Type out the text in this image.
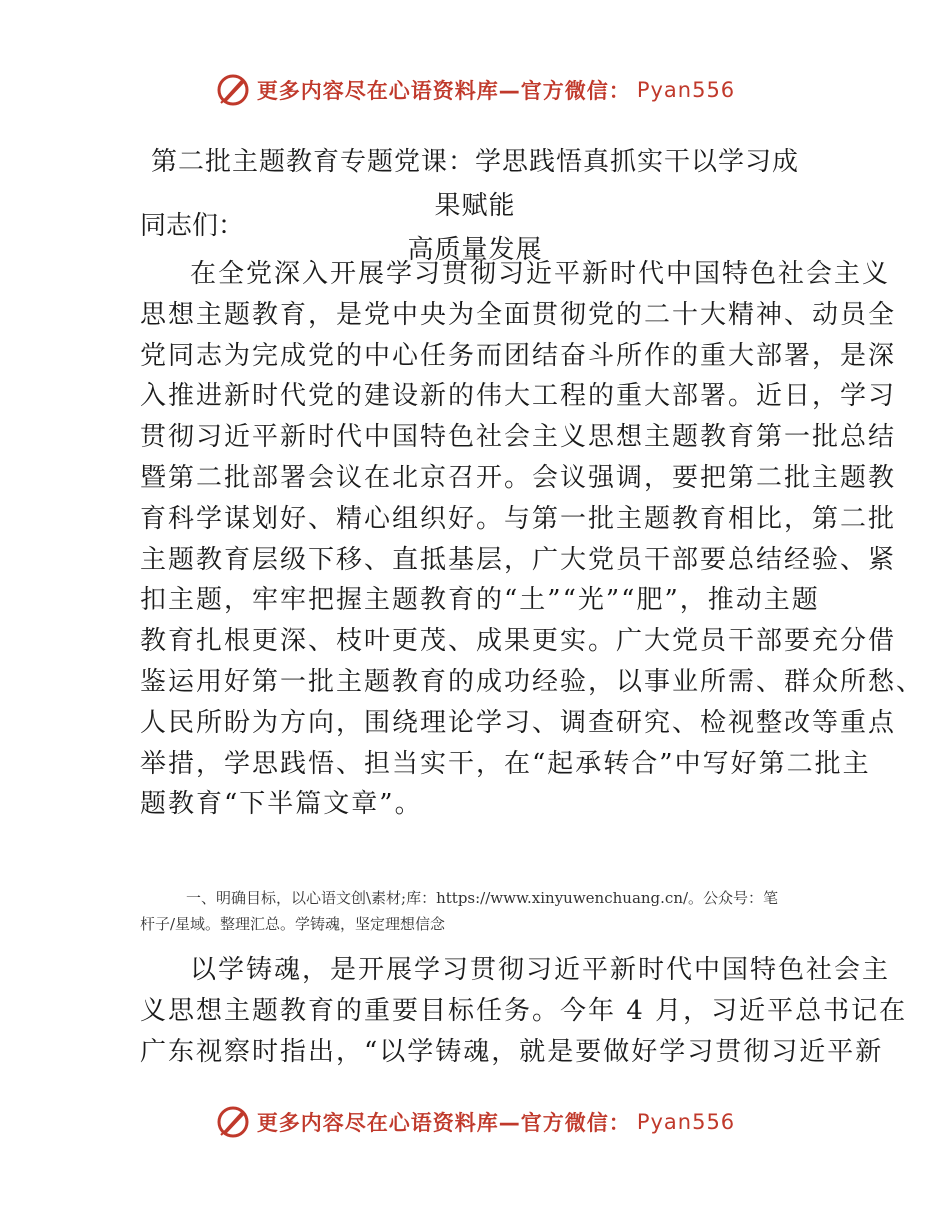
更多内容尽在心语资料库—官方微信： Pyan556
第二批主题教育专题党课：学思践悟真抓实干以学习成果赋能
高质量发展
同志们：
在全党深入开展学习贯彻习近平新时代中国特色社会主义
思想主题教育，是党中央为全面贯彻党的二十大精神、动员全
党同志为完成党的中心任务而团结奋斗所作的重大部署，是深
入推进新时代党的建设新的伟大工程的重大部署。近日，学习
贯彻习近平新时代中国特色社会主义思想主题教育第一批总结
暨第二批部署会议在北京召开。会议强调，要把第二批主题教
育科学谋划好、精心组织好。与第一批主题教育相比，第二批
主题教育层级下移、直抵基层，广大党员干部要总结经验、紧
扣主题，牢牢把握主题教育的“土”“光”“肥”，推动主题
教育扎根更深、枝叶更茂、成果更实。广大党员干部要充分借
鉴运用好第一批主题教育的成功经验，以事业所需、群众所愁、
人民所盼为方向，围绕理论学习、调查研究、检视整改等重点
举措，学思践悟、担当实干，在“起承转合”中写好第二批主
题教育“下半篇文章”。
一、明确目标，以心语文创\素材;库：https://www.xinyuwenchuang.cn/。公众号：笔
杆子/星域。整理汇总。学铸魂，坚定理想信念
以学铸魂，是开展学习贯彻习近平新时代中国特色社会主
义思想主题教育的重要目标任务。今年 4 月，习近平总书记在
广东视察时指出，“以学铸魂，就是要做好学习贯彻习近平新
更多内容尽在心语资料库—官方微信： Pyan556
